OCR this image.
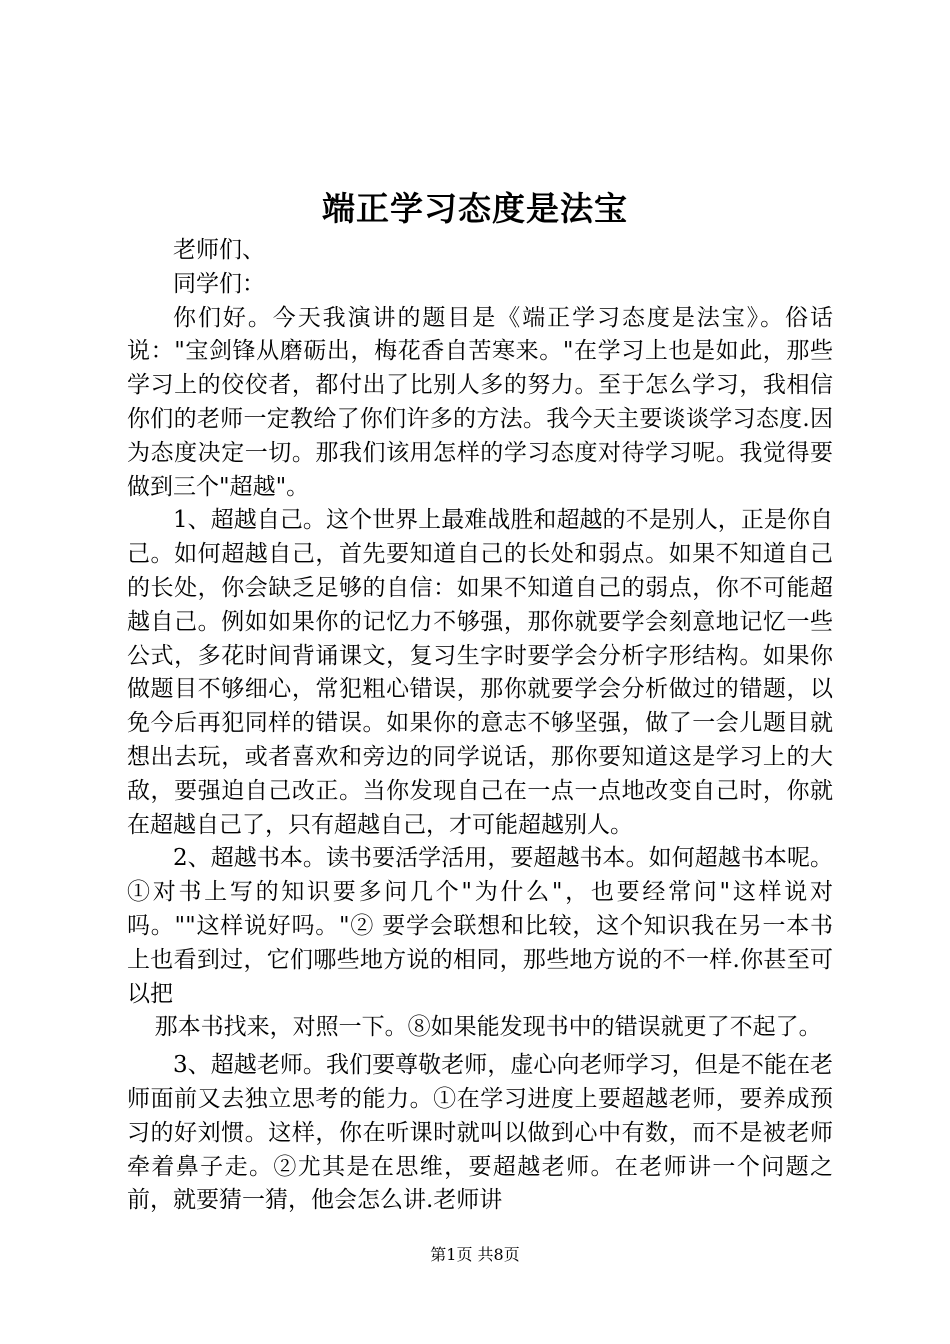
端正学习态度是法宝

老师们、

同学们：

你们好。今天我演讲的题目是《端正学习态度是法宝》。俗话说："宝剑锋从磨砺出，梅花香自苦寒来。"在学习上也是如此，那些学习上的佼佼者，都付出了比别人多的努力。至于怎么学习，我相信你们的老师一定教给了你们许多的方法。我今天主要谈谈学习态度.因为态度决定一切。那我们该用怎样的学习态度对待学习呢。我觉得要做到三个"超越"。

1、超越自己。这个世界上最难战胜和超越的不是别人，正是你自己。如何超越自己，首先要知道自己的长处和弱点。如果不知道自己的长处，你会缺乏足够的自信：如果不知道自己的弱点，你不可能超越自己。例如如果你的记忆力不够强，那你就要学会刻意地记忆一些公式，多花时间背诵课文，复习生字时要学会分析字形结构。如果你做题目不够细心，常犯粗心错误，那你就要学会分析做过的错题，以免今后再犯同样的错误。如果你的意志不够坚强，做了一会儿题目就想出去玩，或者喜欢和旁边的同学说话，那你要知道这是学习上的大敌，要强迫自己改正。当你发现自己在一点一点地改变自己时，你就在超越自己了，只有超越自己，才可能超越别人。

2、超越书本。读书要活学活用，要超越书本。如何超越书本呢。①对书上写的知识要多问几个"为什么"，也要经常问"这样说对吗。""这样说好吗。"② 要学会联想和比较，这个知识我在另一本书上也看到过，它们哪些地方说的相同，那些地方说的不一样.你甚至可以把

那本书找来，对照一下。⑧如果能发现书中的错误就更了不起了。

3、超越老师。我们要尊敬老师，虚心向老师学习，但是不能在老师面前又去独立思考的能力。①在学习进度上要超越老师，要养成预习的好刘惯。这样，你在听课时就叫以做到心中有数，而不是被老师牵着鼻子走。②尤其是在思维，要超越老师。在老师讲一个问题之前，就要猜一猜，他会怎么讲.老师讲

第1页 共8页
